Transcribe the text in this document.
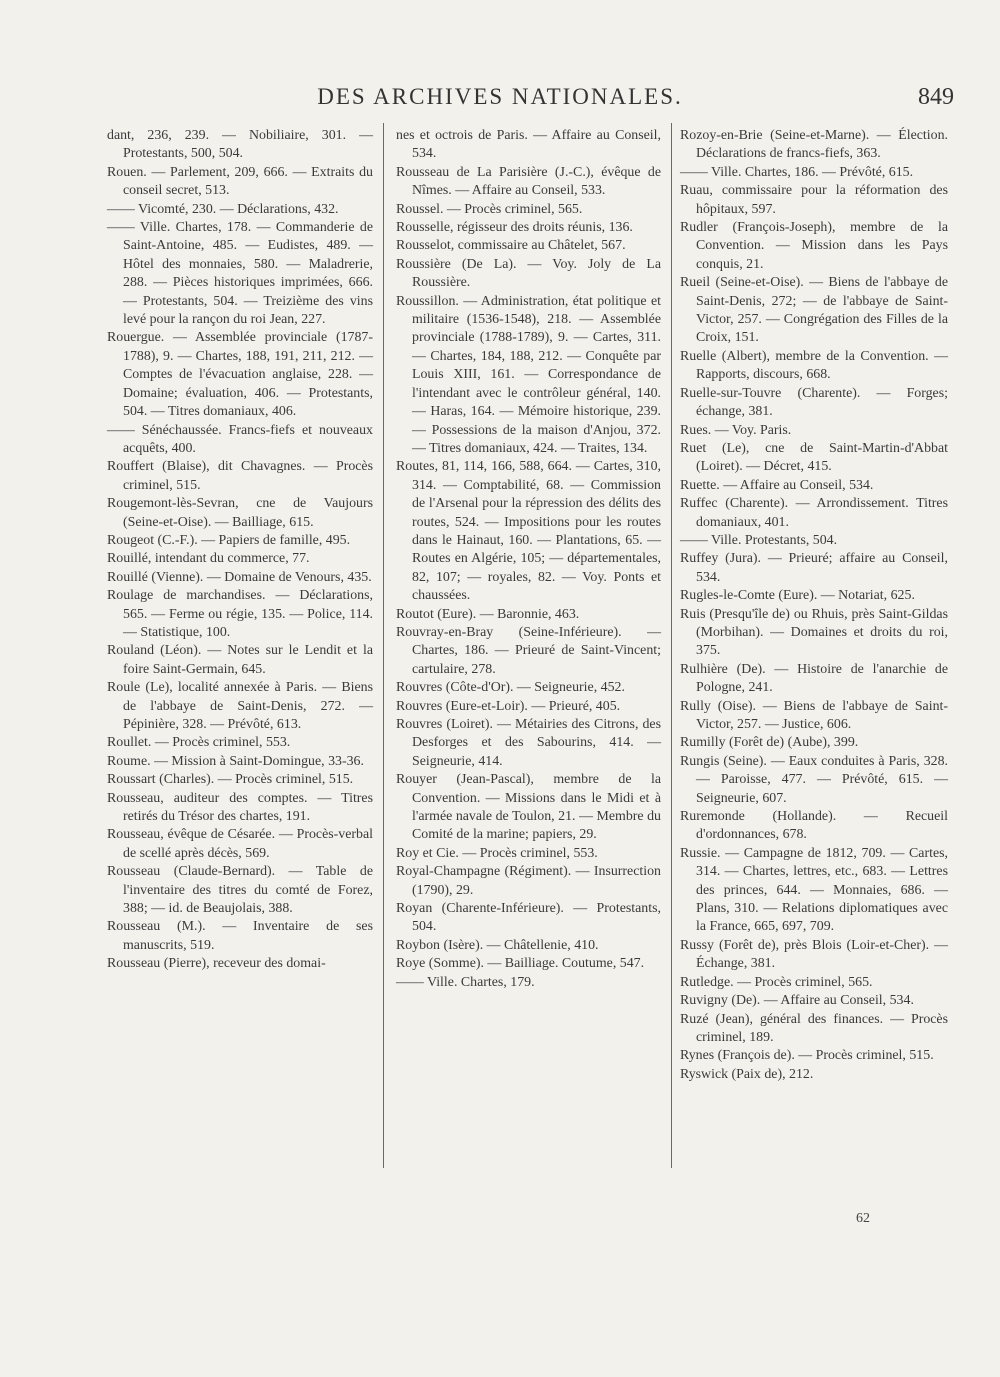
DES ARCHIVES NATIONALES.	849

dant, 236, 239. — Nobiliaire, 301. — Protestants, 500, 504.

Rouen. — Parlement, 209, 666. — Extraits du conseil secret, 513.

—— Vicomté, 230. — Déclarations, 432.

—— Ville. Chartes, 178. — Commanderie de Saint-Antoine, 485. — Eudistes, 489. — Hôtel des monnaies, 580. — Maladrerie, 288. — Pièces historiques imprimées, 666. — Protestants, 504. — Treizième des vins levé pour la rançon du roi Jean, 227.

Rouergue. — Assemblée provinciale (1787-1788), 9. — Chartes, 188, 191, 211, 212. — Comptes de l'évacuation anglaise, 228. — Domaine; évaluation, 406. — Protestants, 504. — Titres domaniaux, 406.

—— Sénéchaussée. Francs-fiefs et nouveaux acquêts, 400.

Rouffert (Blaise), dit Chavagnes. — Procès criminel, 515.

Rougemont-lès-Sevran, cne de Vaujours (Seine-et-Oise). — Bailliage, 615.

Rougeot (C.-F.). — Papiers de famille, 495.

Rouillé, intendant du commerce, 77.

Rouillé (Vienne). — Domaine de Venours, 435.

Roulage de marchandises. — Déclarations, 565. — Ferme ou régie, 135. — Police, 114. — Statistique, 100.

Rouland (Léon). — Notes sur le Lendit et la foire Saint-Germain, 645.

Roule (Le), localité annexée à Paris. — Biens de l'abbaye de Saint-Denis, 272. — Pépinière, 328. — Prévôté, 613.

Roullet. — Procès criminel, 553.

Roume. — Mission à Saint-Domingue, 33-36.

Roussart (Charles). — Procès criminel, 515.

Rousseau, auditeur des comptes. — Titres retirés du Trésor des chartes, 191.

Rousseau, évêque de Césarée. — Procès-verbal de scellé après décès, 569.

Rousseau (Claude-Bernard). — Table de l'inventaire des titres du comté de Forez, 388; — id. de Beaujolais, 388.

Rousseau (M.). — Inventaire de ses manuscrits, 519.

Rousseau (Pierre), receveur des domai-

nes et octrois de Paris. — Affaire au Conseil, 534.

Rousseau de La Parisière (J.-C.), évêque de Nîmes. — Affaire au Conseil, 533.

Roussel. — Procès criminel, 565.

Rousselle, régisseur des droits réunis, 136.

Rousselot, commissaire au Châtelet, 567.

Roussière (De La). — Voy. Joly de La Roussière.

Roussillon. — Administration, état politique et militaire (1536-1548), 218. — Assemblée provinciale (1788-1789), 9. — Cartes, 311. — Chartes, 184, 188, 212. — Conquête par Louis XIII, 161. — Correspondance de l'intendant avec le contrôleur général, 140. — Haras, 164. — Mémoire historique, 239. — Possessions de la maison d'Anjou, 372. — Titres domaniaux, 424. — Traites, 134.

Routes, 81, 114, 166, 588, 664. — Cartes, 310, 314. — Comptabilité, 68. — Commission de l'Arsenal pour la répression des délits des routes, 524. — Impositions pour les routes dans le Hainaut, 160. — Plantations, 65. — Routes en Algérie, 105; — départementales, 82, 107; — royales, 82. — Voy. Ponts et chaussées.

Routot (Eure). — Baronnie, 463.

Rouvray-en-Bray (Seine-Inférieure). — Chartes, 186. — Prieuré de Saint-Vincent; cartulaire, 278.

Rouvres (Côte-d'Or). — Seigneurie, 452.

Rouvres (Eure-et-Loir). — Prieuré, 405.

Rouvres (Loiret). — Métairies des Citrons, des Desforges et des Sabourins, 414. — Seigneurie, 414.

Rouyer (Jean-Pascal), membre de la Convention. — Missions dans le Midi et à l'armée navale de Toulon, 21. — Membre du Comité de la marine; papiers, 29.

Roy et Cie. — Procès criminel, 553.

Royal-Champagne (Régiment). — Insurrection (1790), 29.

Royan (Charente-Inférieure). — Protestants, 504.

Roybon (Isère). — Châtellenie, 410.

Roye (Somme). — Bailliage. Coutume, 547.

—— Ville. Chartes, 179.

Rozoy-en-Brie (Seine-et-Marne). — Élection. Déclarations de francs-fiefs, 363.

—— Ville. Chartes, 186. — Prévôté, 615.

Ruau, commissaire pour la réformation des hôpitaux, 597.

Rudler (François-Joseph), membre de la Convention. — Mission dans les Pays conquis, 21.

Rueil (Seine-et-Oise). — Biens de l'abbaye de Saint-Denis, 272; — de l'abbaye de Saint-Victor, 257. — Congrégation des Filles de la Croix, 151.

Ruelle (Albert), membre de la Convention. — Rapports, discours, 668.

Ruelle-sur-Touvre (Charente). — Forges; échange, 381.

Rues. — Voy. Paris.

Ruet (Le), cne de Saint-Martin-d'Abbat (Loiret). — Décret, 415.

Ruette. — Affaire au Conseil, 534.

Ruffec (Charente). — Arrondissement. Titres domaniaux, 401.

—— Ville. Protestants, 504.

Ruffey (Jura). — Prieuré; affaire au Conseil, 534.

Rugles-le-Comte (Eure). — Notariat, 625.

Ruis (Presqu'île de) ou Rhuis, près Saint-Gildas (Morbihan). — Domaines et droits du roi, 375.

Rulhière (De). — Histoire de l'anarchie de Pologne, 241.

Rully (Oise). — Biens de l'abbaye de Saint-Victor, 257. — Justice, 606.

Rumilly (Forêt de) (Aube), 399.

Rungis (Seine). — Eaux conduites à Paris, 328. — Paroisse, 477. — Prévôté, 615. — Seigneurie, 607.

Ruremonde (Hollande). — Recueil d'ordonnances, 678.

Russie. — Campagne de 1812, 709. — Cartes, 314. — Chartes, lettres, etc., 683. — Lettres des princes, 644. — Monnaies, 686. — Plans, 310. — Relations diplomatiques avec la France, 665, 697, 709.

Russy (Forêt de), près Blois (Loir-et-Cher). — Échange, 381.

Rutledge. — Procès criminel, 565.

Ruvigny (De). — Affaire au Conseil, 534.

Ruzé (Jean), général des finances. — Procès criminel, 189.

Rynes (François de). — Procès criminel, 515.

Ryswick (Paix de), 212.

62
